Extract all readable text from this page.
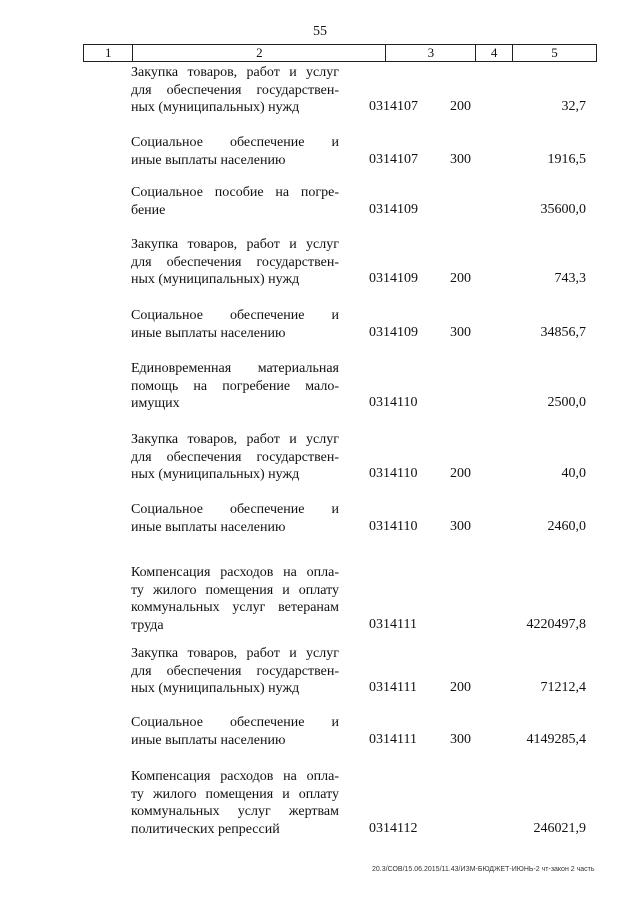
55
1	2	3	4	5
Закупка товаров, работ и услуг
для обеспечения государствен-
ных (муниципальных) нужд	0314107 200	32,7
Социальное обеспечение и
иные выплаты населению	0314107 300	1916,5
Социальное пособие на погре-
бение	0314109	35600,0
Закупка товаров, работ и услуг
для обеспечения государствен-
ных (муниципальных) нужд	0314109 200	743,3
Социальное обеспечение и
иные выплаты населению	0314109 300	34856,7
Единовременная материальная
помощь на погребение мало-
имущих	0314110	2500,0
Закупка товаров, работ и услуг
для обеспечения государствен-
ных (муниципальных) нужд	0314110 200	40,0
Социальное обеспечение и
иные выплаты населению	0314110 300	2460,0
Компенсация расходов на опла-
ту жилого помещения и оплату
коммунальных услуг ветеранам
труда	0314111	4220497,8
Закупка товаров, работ и услуг
для обеспечения государствен-
ных (муниципальных) нужд	0314111 200	71212,4
Социальное обеспечение и
иные выплаты населению	0314111 300	4149285,4
Компенсация расходов на опла-
ту жилого помещения и оплату
коммунальных услуг жертвам
политических репрессий	0314112	246021,9
20.3/СОВ/15.06.2015/11.43/ИЗМ-БЮДЖЕТ-ИЮНЬ-2 чт-закон 2 часть
